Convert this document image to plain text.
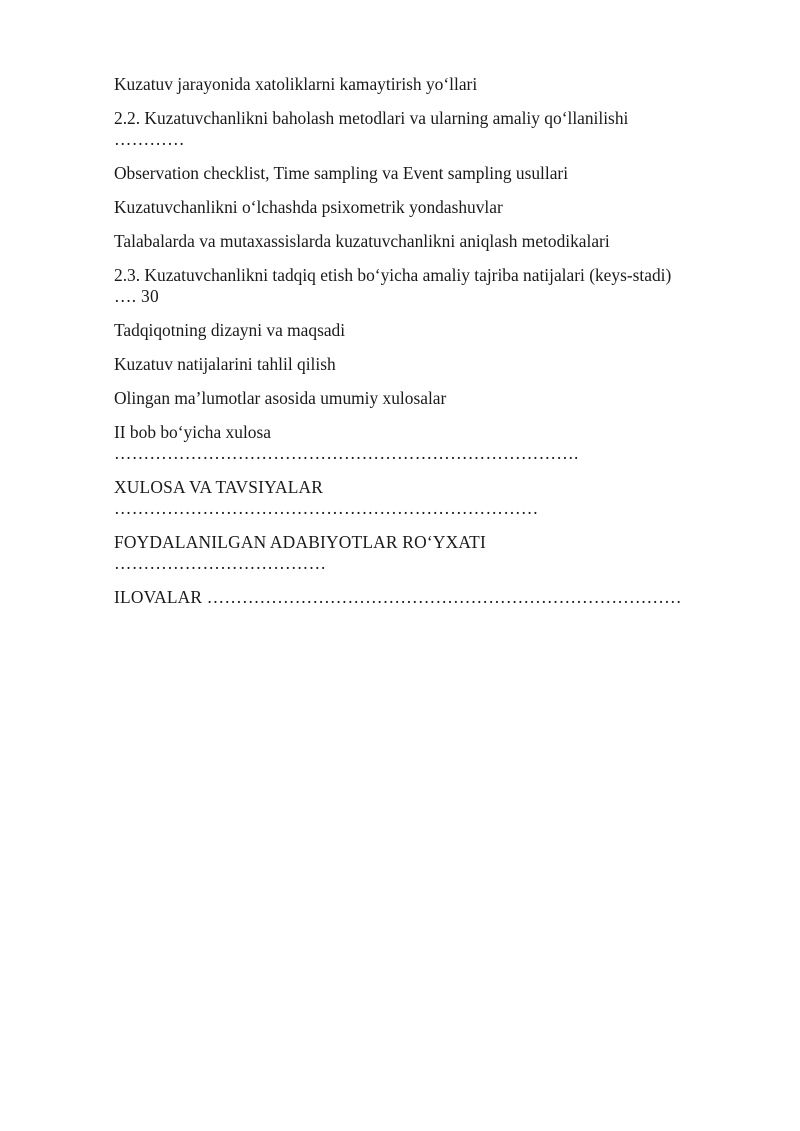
Kuzatuv jarayonida xatoliklarni kamaytirish yo‘llari

2.2. Kuzatuvchanlikni baholash metodlari va ularning amaliy qo‘llanilishi

…………

Observation checklist, Time sampling va Event sampling usullari

Kuzatuvchanlikni o‘lchashda psixometrik yondashuvlar

Talabalarda va mutaxassislarda kuzatuvchanlikni aniqlash metodikalari

2.3. Kuzatuvchanlikni tadqiq etish bo‘yicha amaliy tajriba natijalari (keys-stadi)

…. 30

Tadqiqotning dizayni va maqsadi

Kuzatuv natijalarini tahlil qilish

Olingan ma’lumotlar asosida umumiy xulosalar

II bob bo‘yicha xulosa

…………………………………………………………………….

XULOSA VA TAVSIYALAR

………………………………………………………………

FOYDALANILGAN ADABIYOTLAR RO‘YXATI

………………………………

ILOVALAR ………………………………………………………………………
